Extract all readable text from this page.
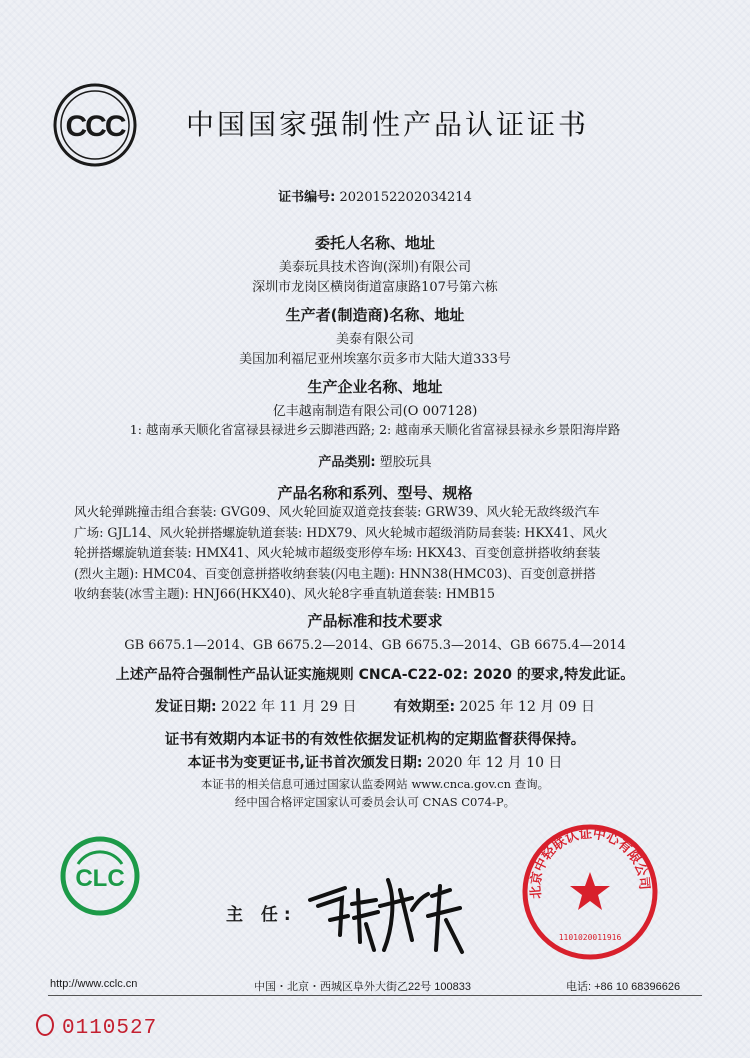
CCC 中国国家强制性产品认证证书
证书编号: 2020152202034214
委托人名称、地址
美泰玩具技术咨询(深圳)有限公司
深圳市龙岗区横岗街道富康路107号第六栋
生产者(制造商)名称、地址
美泰有限公司
美国加利福尼亚州埃塞尔贡多市大陆大道333号
生产企业名称、地址
亿丰越南制造有限公司(O 007128)
1: 越南承天顺化省富禄县禄进乡云脚港西路; 2: 越南承天顺化省富禄县禄永乡景阳海岸路
产品类别: 塑胶玩具
产品名称和系列、型号、规格
风火轮弹跳撞击组合套装: GVG09、风火轮回旋双道竞技套装: GRW39、风火轮无敌终级汽车
广场: GJL14、风火轮拼搭螺旋轨道套装: HDX79、风火轮城市超级消防局套装: HKX41、风火
轮拼搭螺旋轨道套装: HMX41、风火轮城市超级变形停车场: HKX43、百变创意拼搭收纳套装
(烈火主题): HMC04、百变创意拼搭收纳套装(闪电主题): HNN38(HMC03)、百变创意拼搭
收纳套装(冰雪主题): HNJ66(HKX40)、风火轮8字垂直轨道套装: HMB15
产品标准和技术要求
GB 6675.1—2014、GB 6675.2—2014、GB 6675.3—2014、GB 6675.4—2014
上述产品符合强制性产品认证实施规则 CNCA-C22-02: 2020 的要求,特发此证。
发证日期: 2022 年 11 月 29 日	有效期至: 2025 年 12 月 09 日
证书有效期内本证书的有效性依据发证机构的定期监督获得保持。
本证书为变更证书,证书首次颁发日期: 2020 年 12 月 10 日
本证书的相关信息可通过国家认监委网站 www.cnca.gov.cn 查询。
经中国合格评定国家认可委员会认可 CNAS C074-P。
CLC
主 任:
北京中轻联认证中心有限公司
1101020011916
http://www.cclc.cn	中国・北京・西城区阜外大街乙22号 100833	电话: +86 10 68396626
0110527
